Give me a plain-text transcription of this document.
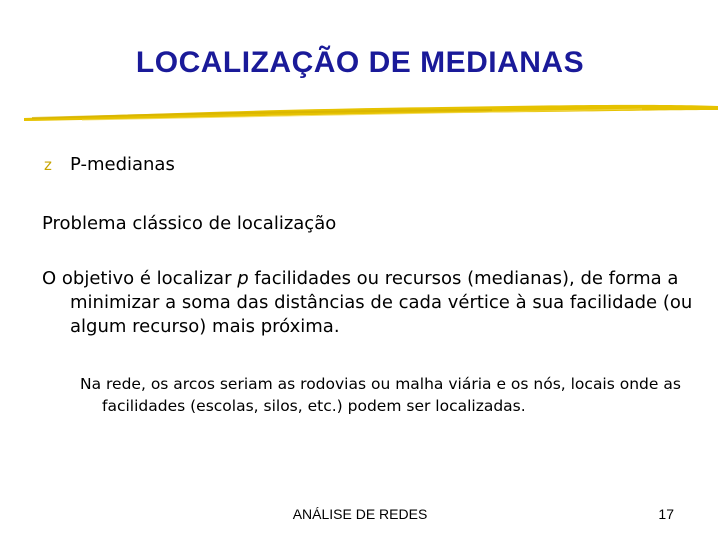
LOCALIZAÇÃO DE MEDIANAS
z P-medianas

Problema clássico de localização

O objetivo é localizar p facilidades ou recursos (medianas), de forma a minimizar a soma das distâncias de cada vértice à sua facilidade (ou algum recurso) mais próxima.

Na rede, os arcos seriam as rodovias ou malha viária e os nós, locais onde as facilidades (escolas, silos, etc.) podem ser localizadas.

ANÁLISE DE REDES	17
